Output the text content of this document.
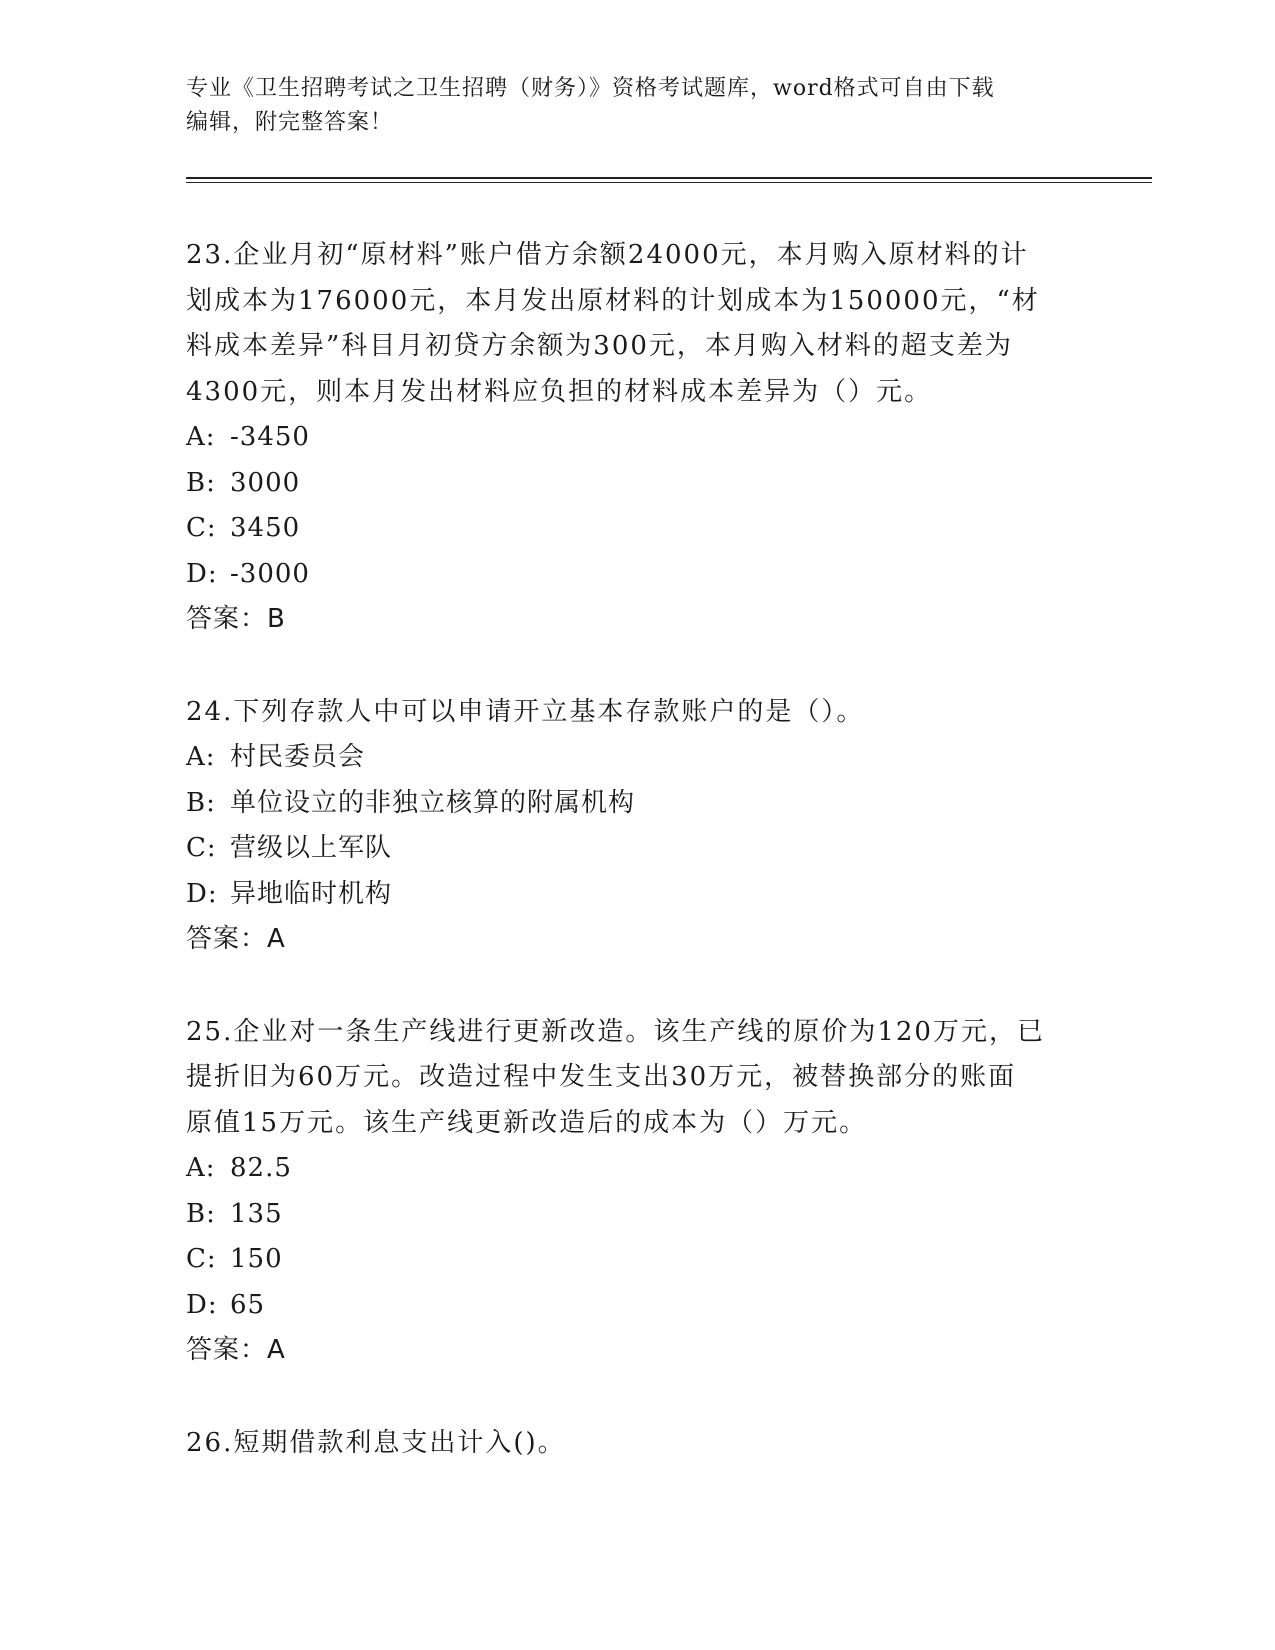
专业《卫生招聘考试之卫生招聘（财务）》资格考试题库，word格式可自由下载
编辑，附完整答案！

23.企业月初“原材料”账户借方余额24000元，本月购入原材料的计

划成本为176000元，本月发出原材料的计划成本为150000元，“材

料成本差异”科目月初贷方余额为300元，本月购入材料的超支差为

4300元，则本月发出材料应负担的材料成本差异为（）元。

A: -3450

B: 3000

C: 3450

D: -3000

答案：B

24.下列存款人中可以申请开立基本存款账户的是（）。

A: 村民委员会

B: 单位设立的非独立核算的附属机构

C: 营级以上军队

D: 异地临时机构

答案：A

25.企业对一条生产线进行更新改造。该生产线的原价为120万元，已

提折旧为60万元。改造过程中发生支出30万元，被替换部分的账面

原值15万元。该生产线更新改造后的成本为（）万元。

A: 82.5

B: 135

C: 150

D: 65

答案：A

26.短期借款利息支出计入()。
